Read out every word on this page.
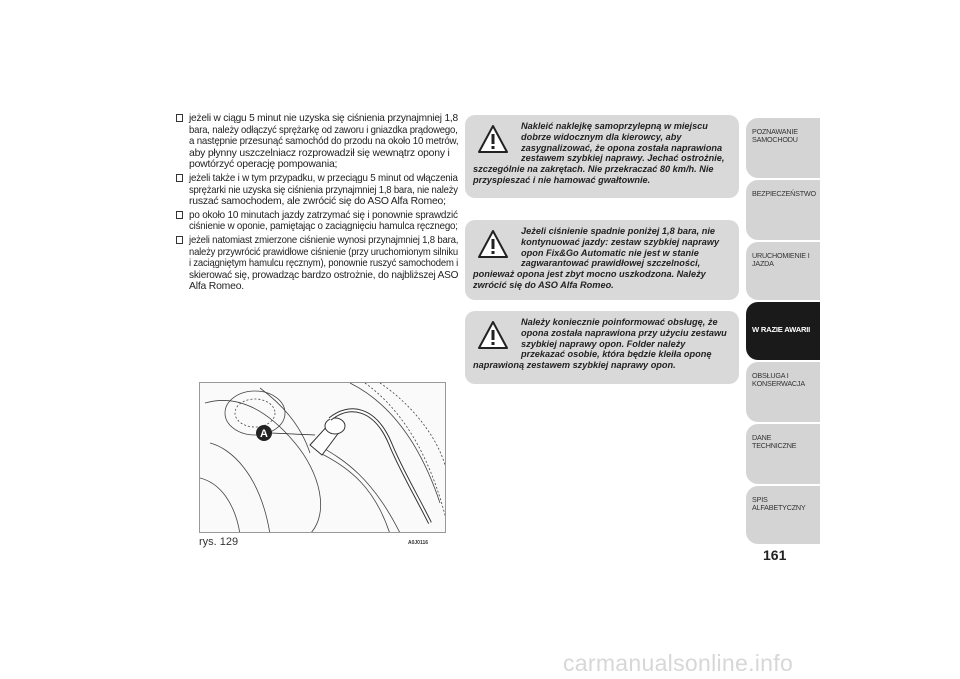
jeżeli w ciągu 5 minut nie uzyska się ciśnienia przynajmniej 1,8
bara, należy odłączyć sprężarkę od zaworu i gniazdka prądowego,
a następnie przesunąć samochód do przodu na około 10 metrów,
aby płynny uszczelniacz rozprowadził się wewnątrz opony i
powtórzyć operację pompowania;
jeżeli także i w tym przypadku, w przeciągu 5 minut od włączenia
sprężarki nie uzyska się ciśnienia przynajmniej 1,8 bara, nie należy
ruszać samochodem, ale zwrócić się do ASO Alfa Romeo;
po około 10 minutach jazdy zatrzymać się i ponownie sprawdzić
ciśnienie w oponie, pamiętając o zaciągnięciu hamulca ręcznego;
jeżeli natomiast zmierzone ciśnienie wynosi przynajmniej 1,8 bara,
należy przywrócić prawidłowe ciśnienie (przy uruchomionym silniku
i zaciągniętym hamulcu ręcznym), ponownie ruszyć samochodem i
skierować się, prowadząc bardzo ostrożnie, do najbliższej ASO
Alfa Romeo.
A
rys. 129	A0J0116
Nakleić naklejkę samoprzylepną w miejscu dobrze widocznym dla kierowcy, aby zasygnalizować, że opona została naprawiona zestawem szybkiej naprawy. Jechać ostrożnie, szczególnie na zakrętach. Nie przekraczać 80 km/h. Nie przyspieszać i nie hamować gwałtownie.
Jeżeli ciśnienie spadnie poniżej 1,8 bara, nie kontynuować jazdy: zestaw szybkiej naprawy opon Fix&Go Automatic nie jest w stanie zagwarantować prawidłowej szczelności, ponieważ opona jest zbyt mocno uszkodzona. Należy zwrócić się do ASO Alfa Romeo.
Należy koniecznie poinformować obsługę, że opona została naprawiona przy użyciu zestawu szybkiej naprawy opon. Folder należy przekazać osobie, która będzie kleiła oponę naprawioną zestawem szybkiej naprawy opon.
POZNAWANIE SAMOCHODU
BEZPIECZEŃSTWO
URUCHOMIENIE I JAZDA
W RAZIE AWARII
OBSŁUGA I KONSERWACJA
DANE TECHNICZNE
SPIS ALFABETYCZNY
161
carmanualsonline.info
